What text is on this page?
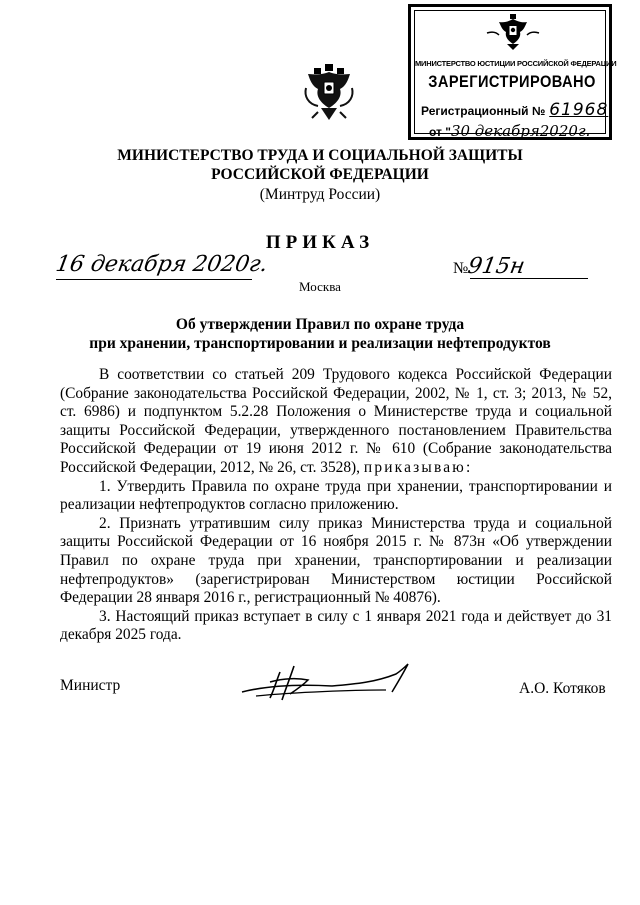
МИНИСТЕРСТВО ЮСТИЦИИ РОССИЙСКОЙ ФЕДЕРАЦИИ
ЗАРЕГИСТРИРОВАНО
Регистрационный № 61968
от "30 декабря2020г.
МИНИСТЕРСТВО ТРУДА И СОЦИАЛЬНОЙ ЗАЩИТЫ
РОССИЙСКОЙ ФЕДЕРАЦИИ
(Минтруд России)
ПРИКАЗ
16 декабря 2020г.	№915н
Москва
Об утверждении Правил по охране труда
при хранении, транспортировании и реализации нефтепродуктов

В соответствии со статьей 209 Трудового кодекса Российской Федерации (Собрание законодательства Российской Федерации, 2002, № 1, ст. 3; 2013, № 52, ст. 6986) и подпунктом 5.2.28 Положения о Министерстве труда и социальной защиты Российской Федерации, утвержденного постановлением Правительства Российской Федерации от 19 июня 2012 г. № 610 (Собрание законодательства Российской Федерации, 2012, № 26, ст. 3528), приказываю:

1. Утвердить Правила по охране труда при хранении, транспортировании и реализации нефтепродуктов согласно приложению.

2. Признать утратившим силу приказ Министерства труда и социальной защиты Российской Федерации от 16 ноября 2015 г. № 873н «Об утверждении Правил по охране труда при хранении, транспортировании и реализации нефтепродуктов» (зарегистрирован Министерством юстиции Российской Федерации 28 января 2016 г., регистрационный № 40876).

3. Настоящий приказ вступает в силу с 1 января 2021 года и действует до 31 декабря 2025 года.

Министр	А.О. Котяков
